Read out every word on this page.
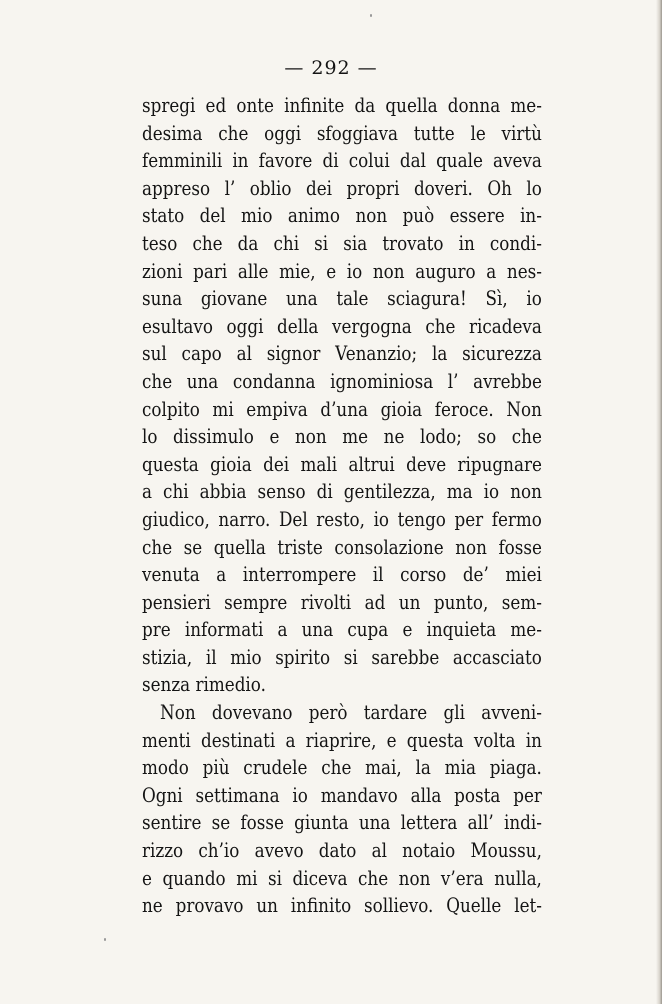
— 292 —
spregi ed onte infinite da quella donna me-
desima che oggi sfoggiava tutte le virtù
femminili in favore di colui dal quale aveva
appreso l’ oblio dei propri doveri. Oh lo
stato del mio animo non può essere in-
teso che da chi si sia trovato in condi-
zioni pari alle mie, e io non auguro a nes-
suna giovane una tale sciagura! Sì, io
esultavo oggi della vergogna che ricadeva
sul capo al signor Venanzio; la sicurezza
che una condanna ignominiosa l’ avrebbe
colpito mi empiva d’una gioia feroce. Non
lo dissimulo e non me ne lodo; so che
questa gioia dei mali altrui deve ripugnare
a chi abbia senso di gentilezza, ma io non
giudico, narro. Del resto, io tengo per fermo
che se quella triste consolazione non fosse
venuta a interrompere il corso de’ miei
pensieri sempre rivolti ad un punto, sem-
pre informati a una cupa e inquieta me-
stizia, il mio spirito si sarebbe accasciato
senza rimedio.
Non dovevano però tardare gli avveni-
menti destinati a riaprire, e questa volta in
modo più crudele che mai, la mia piaga.
Ogni settimana io mandavo alla posta per
sentire se fosse giunta una lettera all’ indi-
rizzo ch’io avevo dato al notaio Moussu,
e quando mi si diceva che non v’era nulla,
ne provavo un infinito sollievo. Quelle let-
